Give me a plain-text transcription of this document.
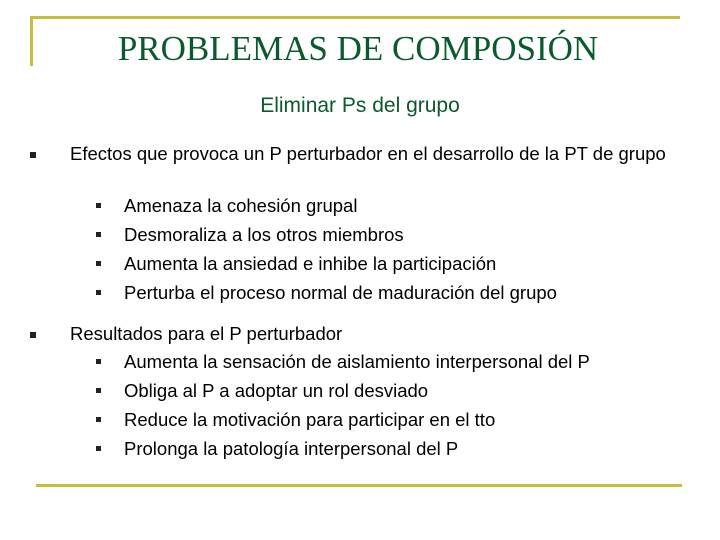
PROBLEMAS DE COMPOSIÓN
Eliminar Ps del grupo
Efectos que provoca un P perturbador en el desarrollo de la PT de grupo
Amenaza la cohesión grupal
Desmoraliza a los otros miembros
Aumenta la ansiedad e inhibe la participación
Perturba el proceso normal de maduración del grupo
Resultados para el P perturbador
Aumenta la sensación de aislamiento interpersonal del P
Obliga al P a adoptar un rol desviado
Reduce la motivación para participar en el tto
Prolonga la patología interpersonal del P
